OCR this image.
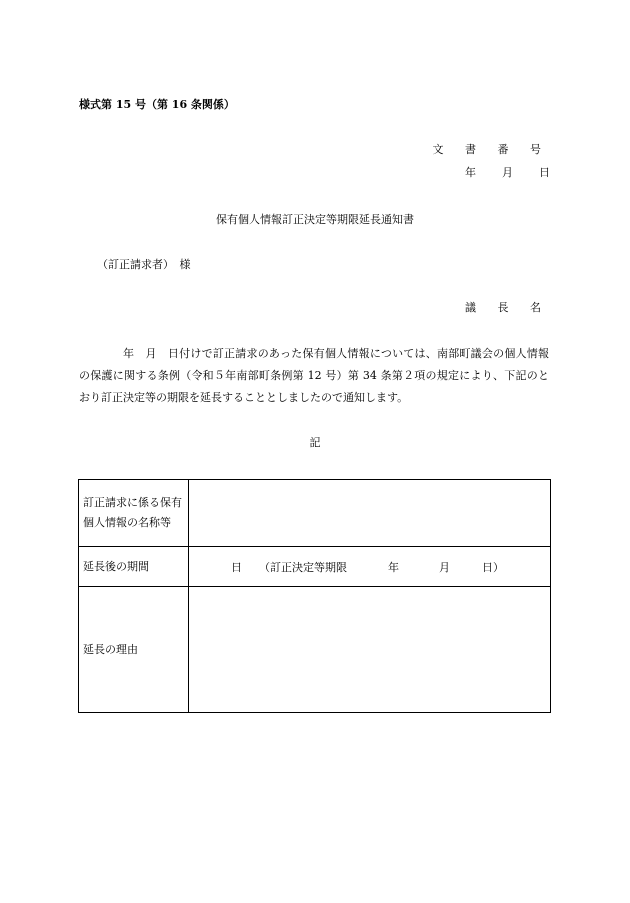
様式第 15 号（第 16 条関係）
文 書 番 号
年 月 日
保有個人情報訂正決定等期限延長通知書
（訂正請求者）　様
議 長 名
年　月　日付けで訂正請求のあった保有個人情報については、南部町議会の個人情報の保護に関する条例（令和５年南部町条例第 12 号）第 34 条第２項の規定により、下記のとおり訂正決定等の期限を延長することとしましたので通知します。
記
訂正請求に係る保有個人情報の名称等	
延長後の期間	日 （訂正決定等期限 年 月 日）

延長の理由	
